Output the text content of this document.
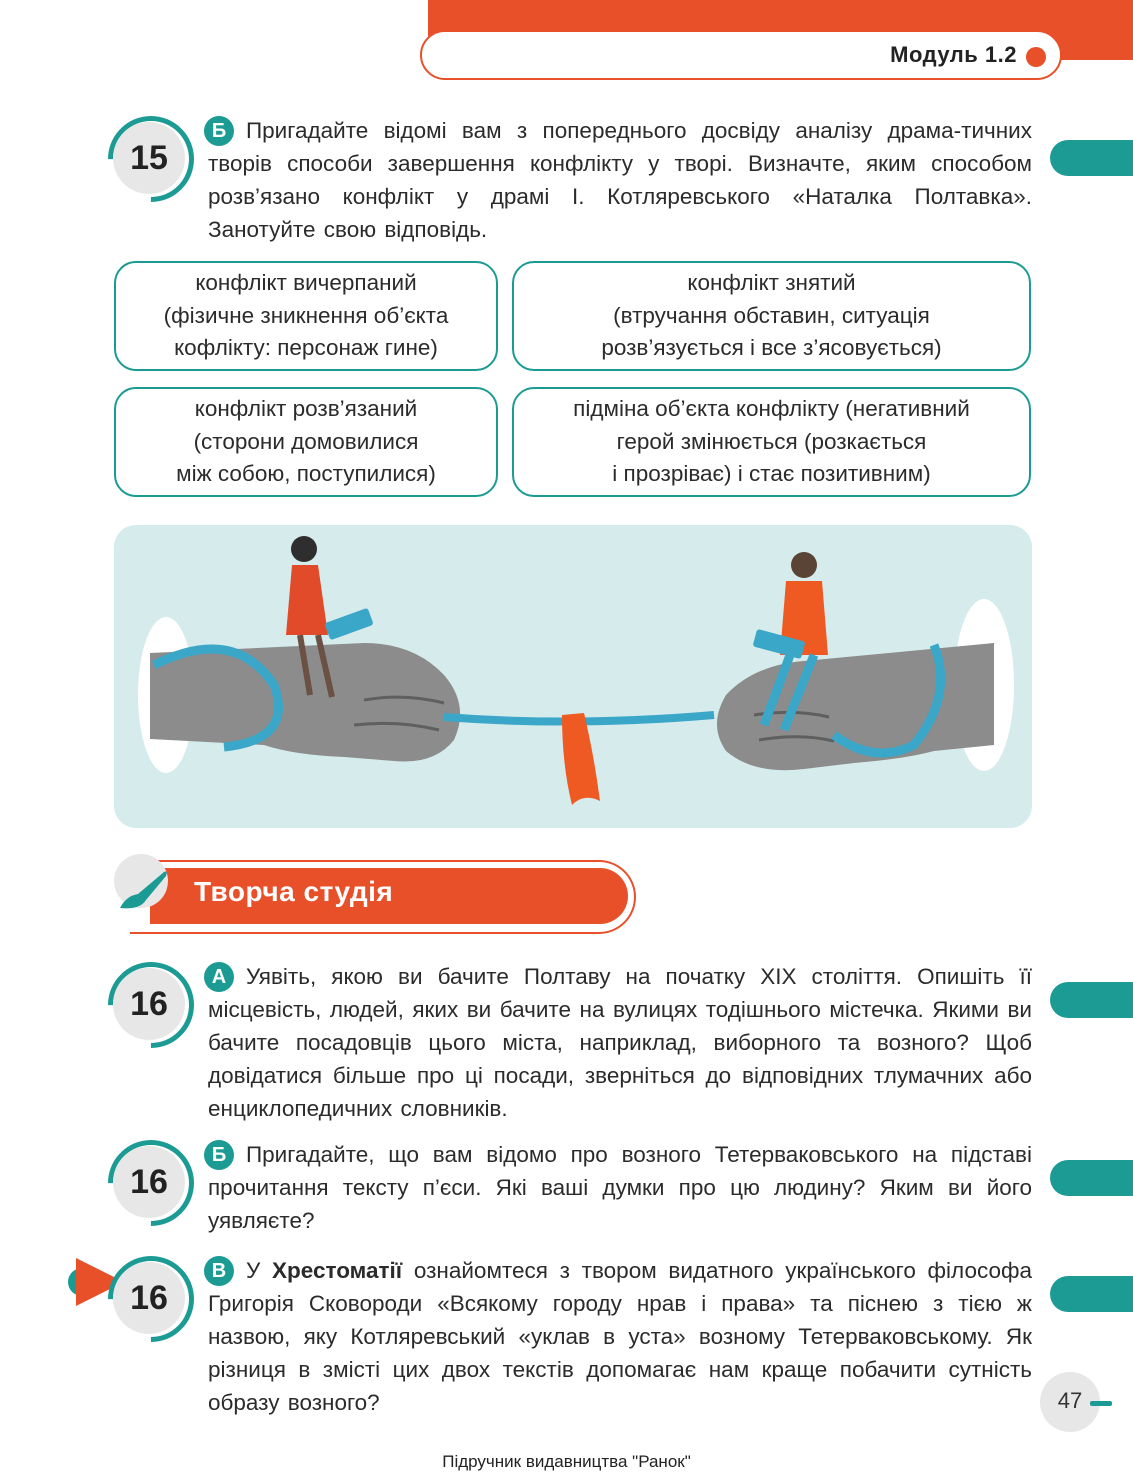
Модуль 1.2
15
Б Пригадайте відомі вам з попереднього досвіду аналізу драма-тичних творів способи завершення конфлікту у творі. Визначте, яким способом розв’язано конфлікт у драмі І. Котляревського «Наталка Полтавка». Занотуйте свою відповідь.
конфлікт вичерпаний
(фізичне зникнення об’єкта
кофлікту: персонаж гине)
конфлікт знятий
(втручання обставин, ситуація
розв’язується і все з’ясовується)
конфлікт розв’язаний
(сторони домовилися
між собою, поступилися)
підміна об’єкта конфлікту (негативний
герой змінюється (розкається
і прозріває) і стає позитивним)
Творча студія
16
А Уявіть, якою ви бачите Полтаву на початку ХІХ століття. Опишіть її місцевість, людей, яких ви бачите на вулицях тодішнього містечка. Якими ви бачите посадовців цього міста, наприклад, виборного та возного? Щоб довідатися більше про ці посади, зверніться до відповідних тлумачних або енциклопедичних словників.
16
Б Пригадайте, що вам відомо про возного Тетерваковського на підставі прочитання тексту п’єси. Які ваші думки про цю людину? Яким ви його уявляєте?
16
В У Хрестоматії ознайомтеся з твором видатного українського філософа Григорія Сковороди «Всякому городу нрав і права» та піснею з тією ж назвою, яку Котляревський «уклав в уста» возному Тетерваковському. Як різниця в змісті цих двох текстів допомагає нам краще побачити сутність образу возного?	47
Підручник видавництва "Ранок"
